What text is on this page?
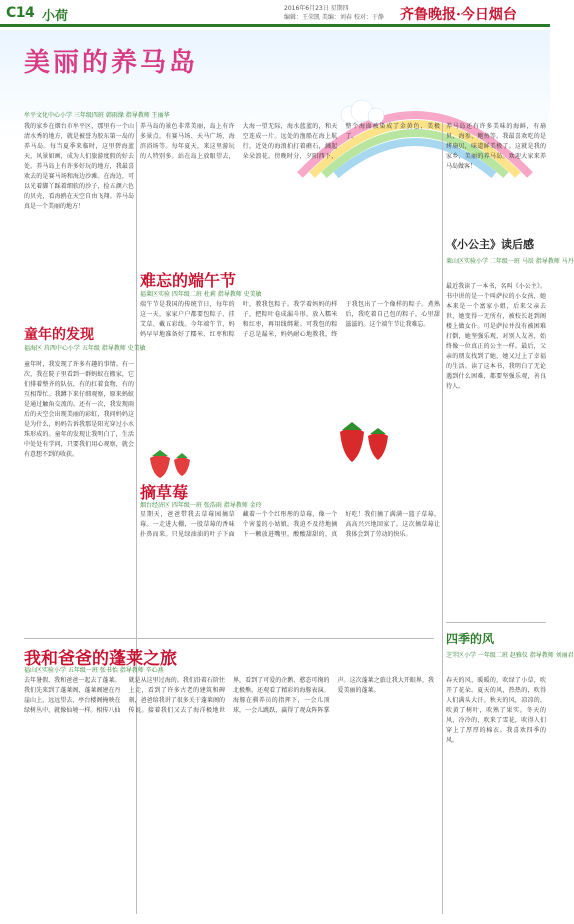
C14 小荷
2016年6月23日 星期四
编辑：王荣凯 美编：刘春 校对：于静 齐鲁晚报·今日烟台
美丽的养马岛
牟平文化中心小学 三年级四班 韩雨缘 指导教师 王丽华
我的家乡在烟台市牟平区，那里有一个山清水秀的地方，就是被誉为胶东第一岛的养马岛。每当夏季来临时，这里碧海蓝天，风景如画，成为人们旅游度假的好去处。养马岛上有许多好玩的地方，我最喜欢去的是赛马场和海边沙滩。在海边，可以光着脚丫踩着细软的沙子，捡五颜六色的贝壳，看海鸥在天空自由飞翔。养马岛真是一个美丽的地方！
养马岛的景色非常美丽，岛上有许多景点，有赛马场、天马广场、海滨浴场等。每年夏天，来这里游玩的人特别多。站在岛上放眼望去，大海一望无际，海水蓝蓝的，和天空连成一片。远处的渔船在海上航行，近处的海浪拍打着礁石，溅起朵朵浪花。傍晚时分，夕阳西下，整个海面被染成了金黄色，美极了。
养马岛还有许多美味的海鲜，有扇贝、海参、鲍鱼等。我最喜欢吃的是烤扇贝，味道鲜美极了。这就是我的家乡，美丽的养马岛。欢迎大家来养马岛做客！
童年的发现
福海区 莒西中心小学 五年级 指导教师 史美敏
童年时，我发现了许多有趣的事情。有一次，我在院子里看到一群蚂蚁在搬家，它们排着整齐的队伍，有的扛着食物，有的互相帮忙。我蹲下来仔细观察，原来蚂蚁是通过触角交流的。还有一次，我发现雨后的天空会出现美丽的彩虹，我问妈妈这是为什么，妈妈告诉我那是阳光穿过小水珠形成的。童年的发现让我明白了，生活中处处有学问，只要我们用心观察，就会有意想不到的收获。
难忘的端午节
福莱区实验 四年级二班 杜莉 指导教师 史美敏
端午节是我国的传统节日，每年的这一天，家家户户都要包粽子、挂艾草、戴五彩线。今年端午节，妈妈早早地准备好了糯米、红枣和粽叶，教我包粽子。我学着妈妈的样子，把粽叶卷成漏斗形，放入糯米和红枣，再用线绑紧。可我包的粽子总是漏米，妈妈耐心地教我，终于我包出了一个像样的粽子。煮熟后，我吃着自己包的粽子，心里甜滋滋的。这个端午节让我难忘。
摘草莓
烟台经济区 四年级一班 张浩雨 指导教师 金玲
星期天，爸爸带我去草莓园摘草莓。一走进大棚，一股草莓的香味扑鼻而来。只见绿油油的叶子下面藏着一个个红彤彤的草莓，像一个个害羞的小姑娘。我迫不及待地摘下一颗放进嘴里，酸酸甜甜的，真好吃！我们摘了满满一篮子草莓，高高兴兴地回家了。这次摘草莓让我体会到了劳动的快乐。
我和爸爸的蓬莱之旅
福山区实验小学 五年级一班 张书怡 指导教师 辛心燕
去年暑假，我和爸爸一起去了蓬莱。我们先来到了蓬莱阁，蓬莱阁建在丹崖山上，远远望去，亭台楼阁掩映在绿树丛中，就像仙境一样。相传八仙就是从这里过海的。我们沿着石阶往上走，看到了许多古老的建筑和碑刻，爸爸给我讲了很多关于蓬莱阁的传说。接着我们又去了海洋极地世界，看到了可爱的企鹅、憨态可掬的北极熊，还观看了精彩的海豚表演。海豚在驯养员的指挥下，一会儿顶球，一会儿跳跃，赢得了观众阵阵掌声。这次蓬莱之旅让我大开眼界，我爱美丽的蓬莱。
《小公主》读后感
莱山区实验小学 二年级一班 马辰 指导教师 马丹
最近我读了一本书，名叫《小公主》。书中讲的是一个叫萨拉的小女孩，她本来是一个富家小姐，后来父亲去世，她变得一无所有，被校长赶到阁楼上做女仆。可是萨拉并没有被困难打倒，她坚强乐观，对别人友善，始终像一位真正的公主一样。最后，父亲的朋友找到了她，她又过上了幸福的生活。读了这本书，我明白了无论遇到什么困难，都要坚强乐观，善良待人。
四季的风
芝罘区小学 一年级二班 赵雅仪 指导教师 刘丽君
春天的风，暖暖的，吹绿了小草，吹开了花朵。夏天的风，热热的，吹得人们满头大汗。秋天的风，凉凉的，吹黄了树叶，吹熟了果实。冬天的风，冷冷的，吹来了雪花，吹得人们穿上了厚厚的棉衣。我喜欢四季的风。
